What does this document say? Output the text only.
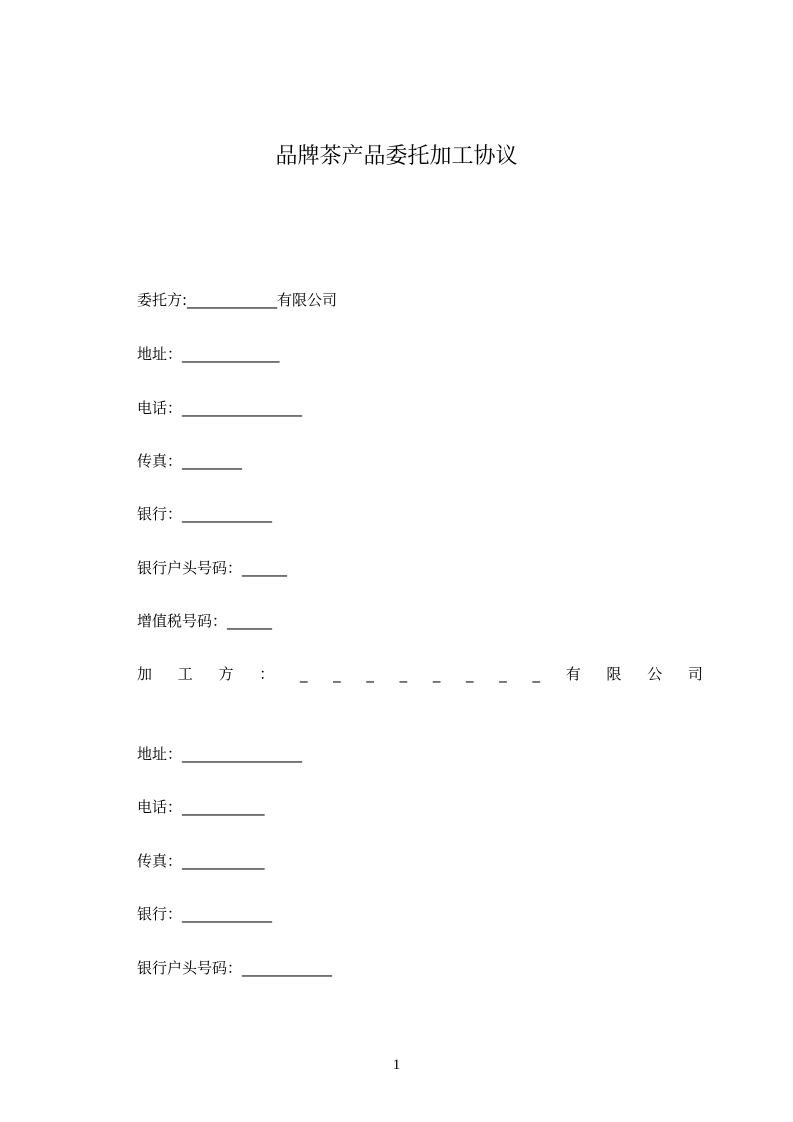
品牌茶产品委托加工协议
委托方:____________有限公司
地址：_____________
电话：________________
传真：________
银行：____________
银行户头号码：______
增值税号码：______
加 工 方 ： _ _ _ _ _ _ _ _ 有 限 公 司
地址：________________
电话：___________
传真：___________
银行：____________
银行户头号码：____________
1
